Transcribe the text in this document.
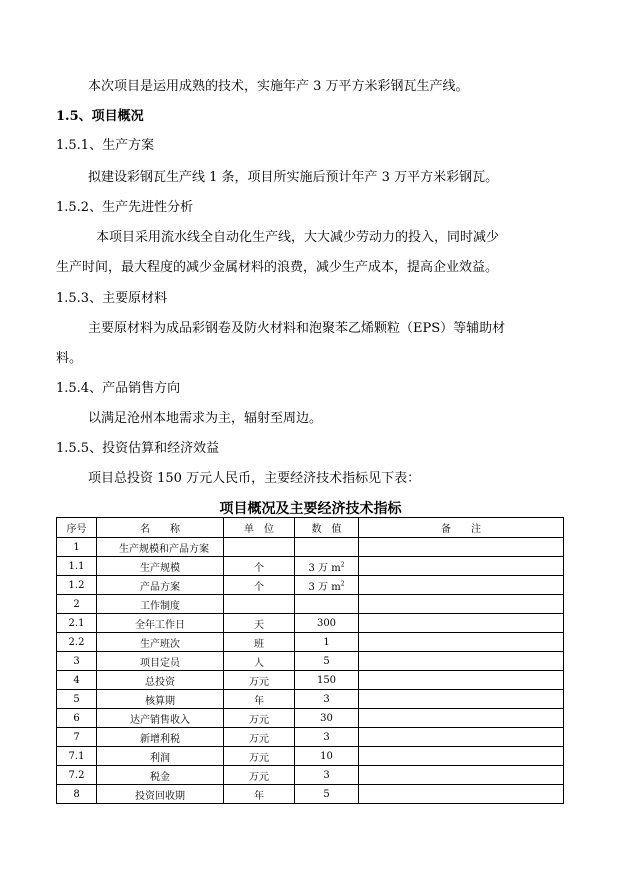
本次项目是运用成熟的技术，实施年产 3 万平方米彩钢瓦生产线。
1.5、项目概况
1.5.1、生产方案
拟建设彩钢瓦生产线 1 条，项目所实施后预计年产 3 万平方米彩钢瓦。
1.5.2、生产先进性分析
本项目采用流水线全自动化生产线，大大减少劳动力的投入，同时减少
生产时间，最大程度的减少金属材料的浪费，减少生产成本，提高企业效益。
1.5.3、主要原材料
主要原材料为成品彩钢卷及防火材料和泡聚苯乙烯颗粒（EPS）等辅助材
料。
1.5.4、产品销售方向
以满足沧州本地需求为主，辐射至周边。
1.5.5、投资估算和经济效益
项目总投资 150 万元人民币，主要经济技术指标见下表：
项目概况及主要经济技术指标
序号	名　　称	单　位	数　值	备　　注
1	生产规模和产品方案			
1.1	生产规模	个	3 万 $m^2$	
1.2	产品方案	个	3 万 $m^2$	
2	工作制度			
2.1	全年工作日	天	300	
2.2	生产班次	班	1	
3	项目定员	人	5	
4	总投资	万元	150	
5	核算期	年	3	
6	达产销售收入	万元	30	
7	新增利税	万元	3	
7.1	利润	万元	10	
7.2	税金	万元	3	
8	投资回收期	年	5	
